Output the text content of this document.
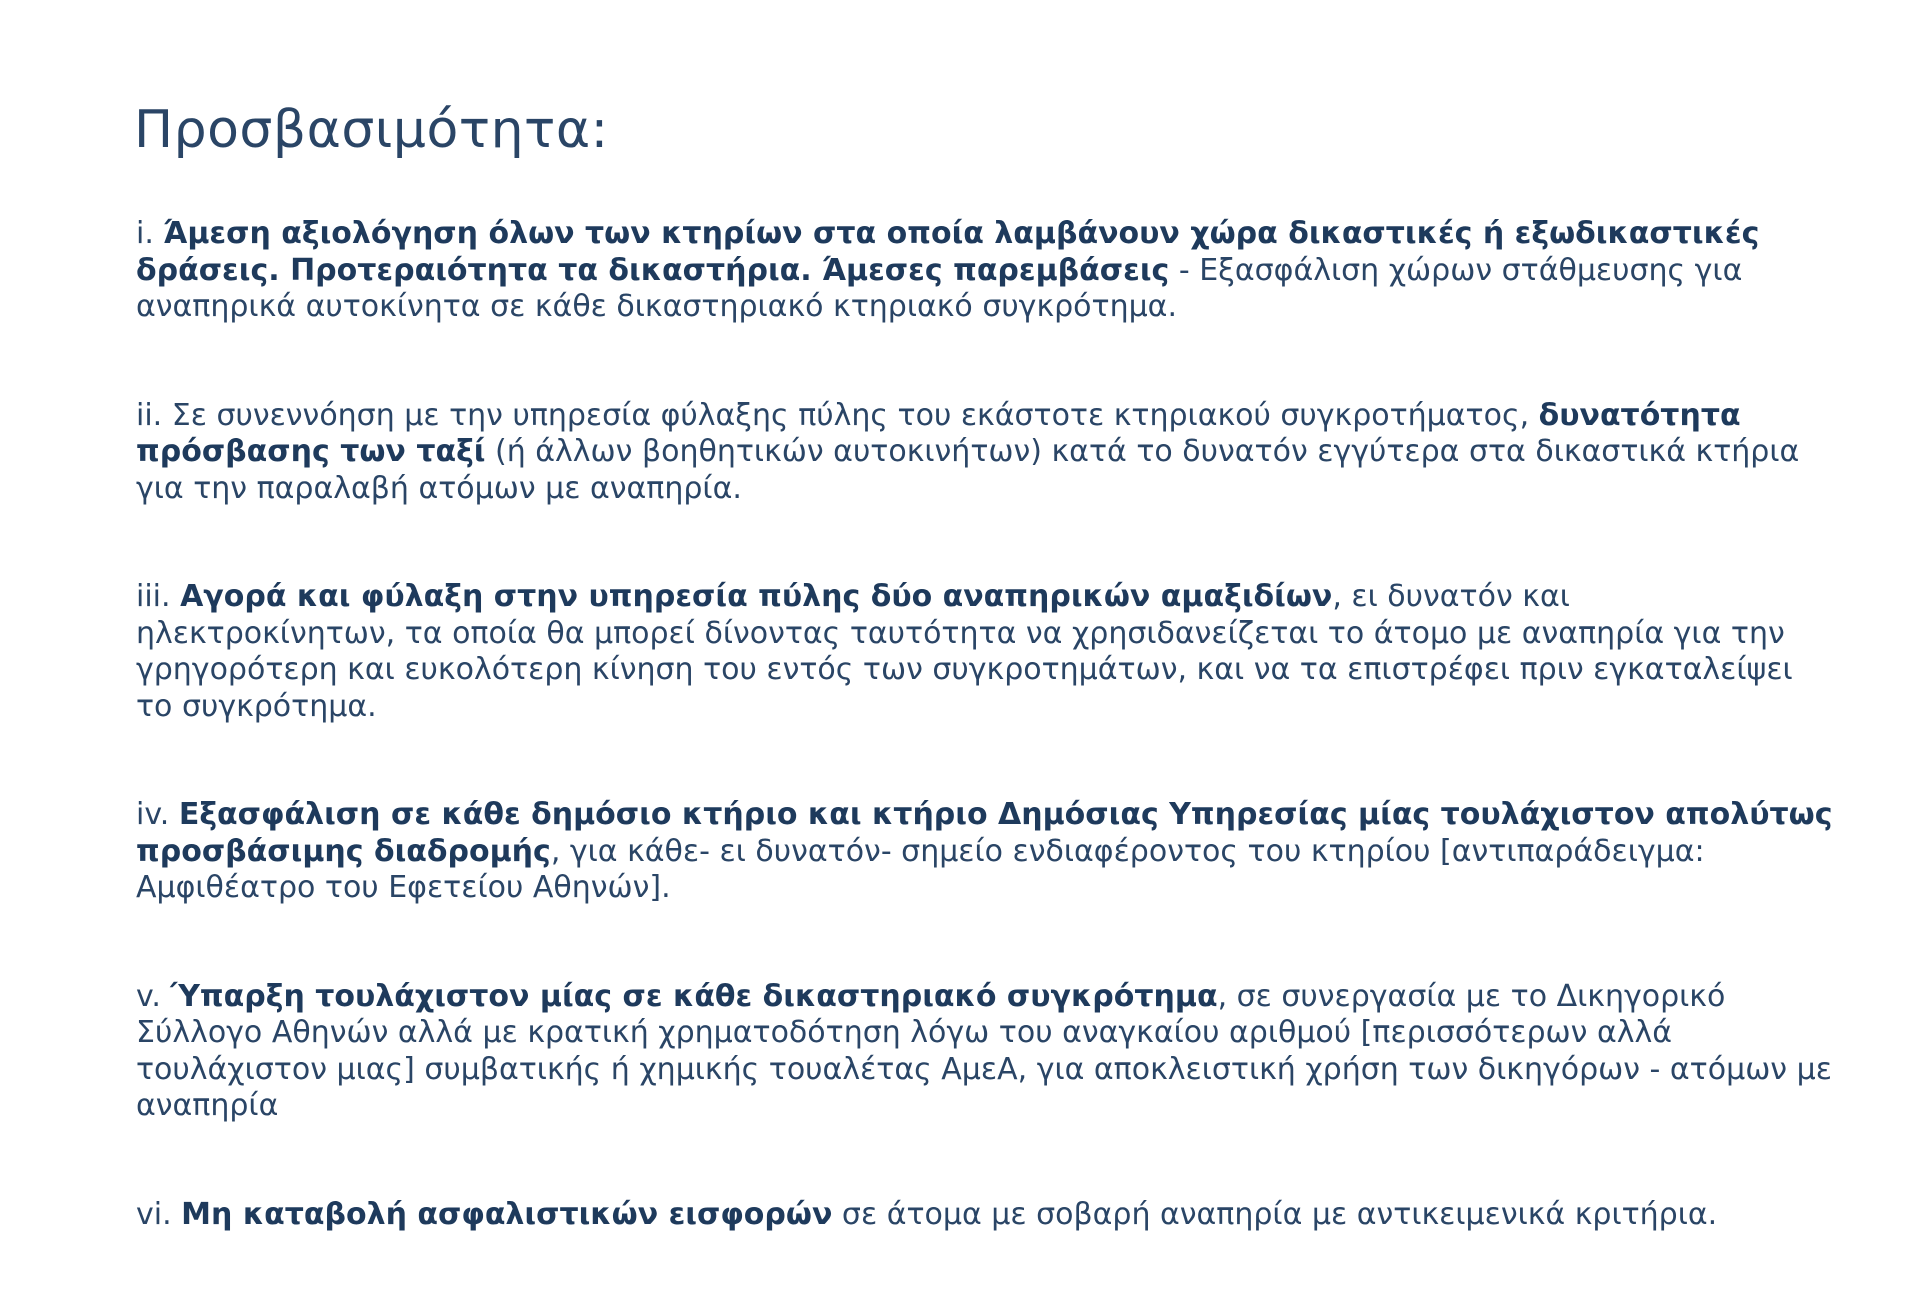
Προσβασιμότητα:

i. Άμεση αξιολόγηση όλων των κτηρίων στα οποία λαμβάνουν χώρα δικαστικές ή εξωδικαστικές δράσεις. Προτεραιότητα τα δικαστήρια. Άμεσες παρεμβάσεις - Εξασφάλιση χώρων στάθμευσης για αναπηρικά αυτοκίνητα σε κάθε δικαστηριακό κτηριακό συγκρότημα.

ii. Σε συνεννόηση με την υπηρεσία φύλαξης πύλης του εκάστοτε κτηριακού συγκροτήματος, δυνατότητα πρόσβασης των ταξί (ή άλλων βοηθητικών αυτοκινήτων) κατά το δυνατόν εγγύτερα στα δικαστικά κτήρια για την παραλαβή ατόμων με αναπηρία.

iii. Αγορά και φύλαξη στην υπηρεσία πύλης δύο αναπηρικών αμαξιδίων, ει δυνατόν και ηλεκτροκίνητων, τα οποία θα μπορεί δίνοντας ταυτότητα να χρησιδανείζεται το άτομο με αναπηρία για την γρηγορότερη και ευκολότερη κίνηση του εντός των συγκροτημάτων, και να τα επιστρέφει πριν εγκαταλείψει το συγκρότημα.

iv. Εξασφάλιση σε κάθε δημόσιο κτήριο και κτήριο Δημόσιας Υπηρεσίας μίας τουλάχιστον απολύτως προσβάσιμης διαδρομής, για κάθε- ει δυνατόν- σημείο ενδιαφέροντος του κτηρίου [αντιπαράδειγμα: Αμφιθέατρο του Εφετείου Αθηνών].

v. Ύπαρξη τουλάχιστον μίας σε κάθε δικαστηριακό συγκρότημα, σε συνεργασία με το Δικηγορικό Σύλλογο Αθηνών αλλά με κρατική χρηματοδότηση λόγω του αναγκαίου αριθμού [περισσότερων αλλά τουλάχιστον μιας] συμβατικής ή χημικής τουαλέτας ΑμεΑ, για αποκλειστική χρήση των δικηγόρων - ατόμων με αναπηρία

vi. Μη καταβολή ασφαλιστικών εισφορών σε άτομα με σοβαρή αναπηρία με αντικειμενικά κριτήρια.
